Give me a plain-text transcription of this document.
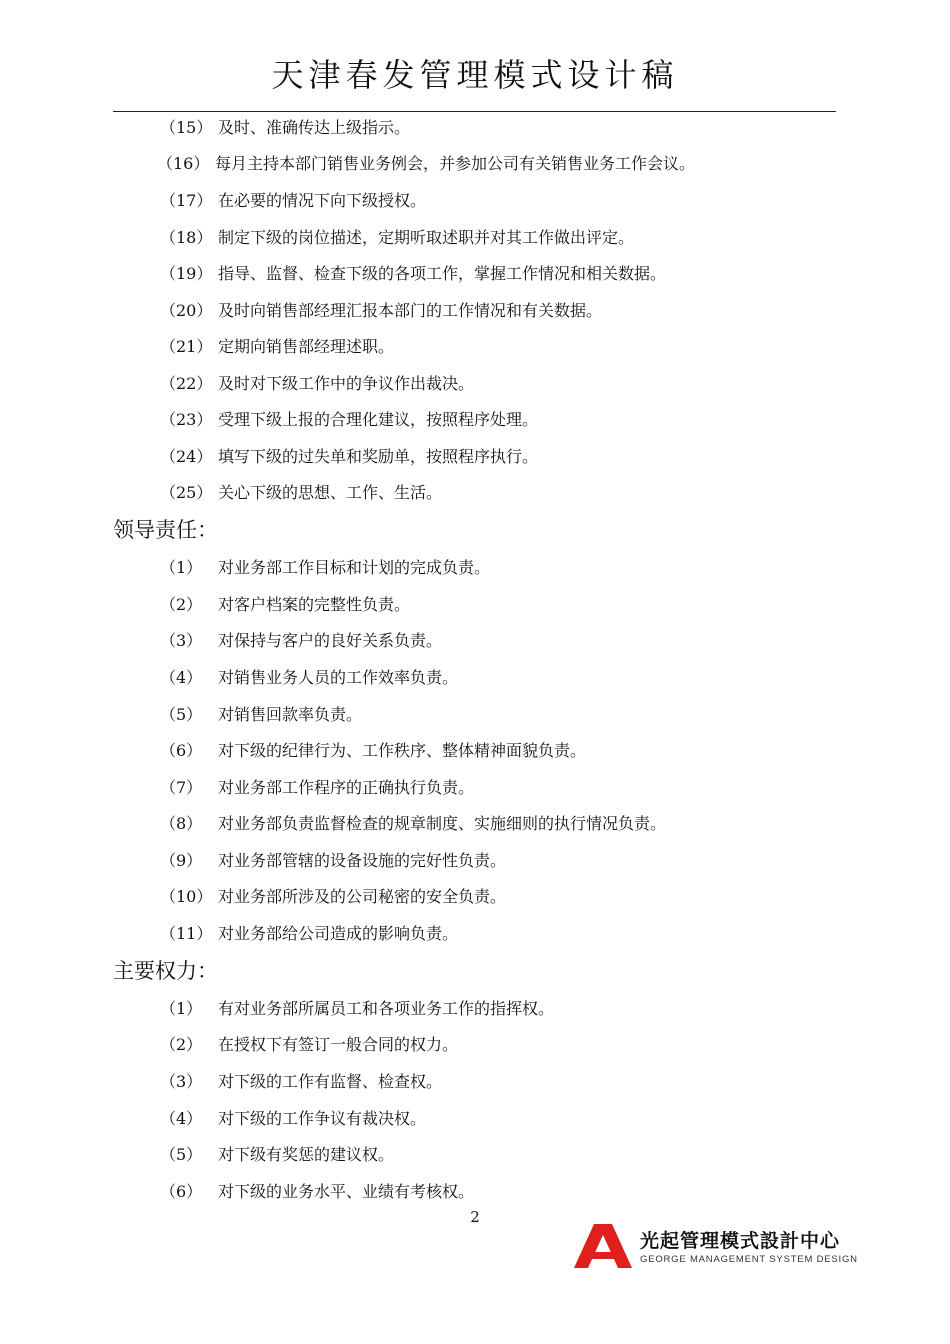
天津春发管理模式设计稿
（15） 及时、准确传达上级指示。
（16） 每月主持本部门销售业务例会，并参加公司有关销售业务工作会议。
（17） 在必要的情况下向下级授权。
（18） 制定下级的岗位描述，定期听取述职并对其工作做出评定。
（19） 指导、监督、检查下级的各项工作，掌握工作情况和相关数据。
（20） 及时向销售部经理汇报本部门的工作情况和有关数据。
（21） 定期向销售部经理述职。
（22） 及时对下级工作中的争议作出裁决。
（23） 受理下级上报的合理化建议，按照程序处理。
（24） 填写下级的过失单和奖励单，按照程序执行。
（25） 关心下级的思想、工作、生活。
领导责任：
（1） 对业务部工作目标和计划的完成负责。
（2） 对客户档案的完整性负责。
（3） 对保持与客户的良好关系负责。
（4） 对销售业务人员的工作效率负责。
（5） 对销售回款率负责。
（6） 对下级的纪律行为、工作秩序、整体精神面貌负责。
（7） 对业务部工作程序的正确执行负责。
（8） 对业务部负责监督检查的规章制度、实施细则的执行情况负责。
（9） 对业务部管辖的设备设施的完好性负责。
（10） 对业务部所涉及的公司秘密的安全负责。
（11） 对业务部给公司造成的影响负责。
主要权力：
（1） 有对业务部所属员工和各项业务工作的指挥权。
（2） 在授权下有签订一般合同的权力。
（3） 对下级的工作有监督、检查权。
（4） 对下级的工作争议有裁决权。
（5） 对下级有奖惩的建议权。
（6） 对下级的业务水平、业绩有考核权。
2
光起管理模式設計中心
GEORGE MANAGEMENT SYSTEM DESIGN
